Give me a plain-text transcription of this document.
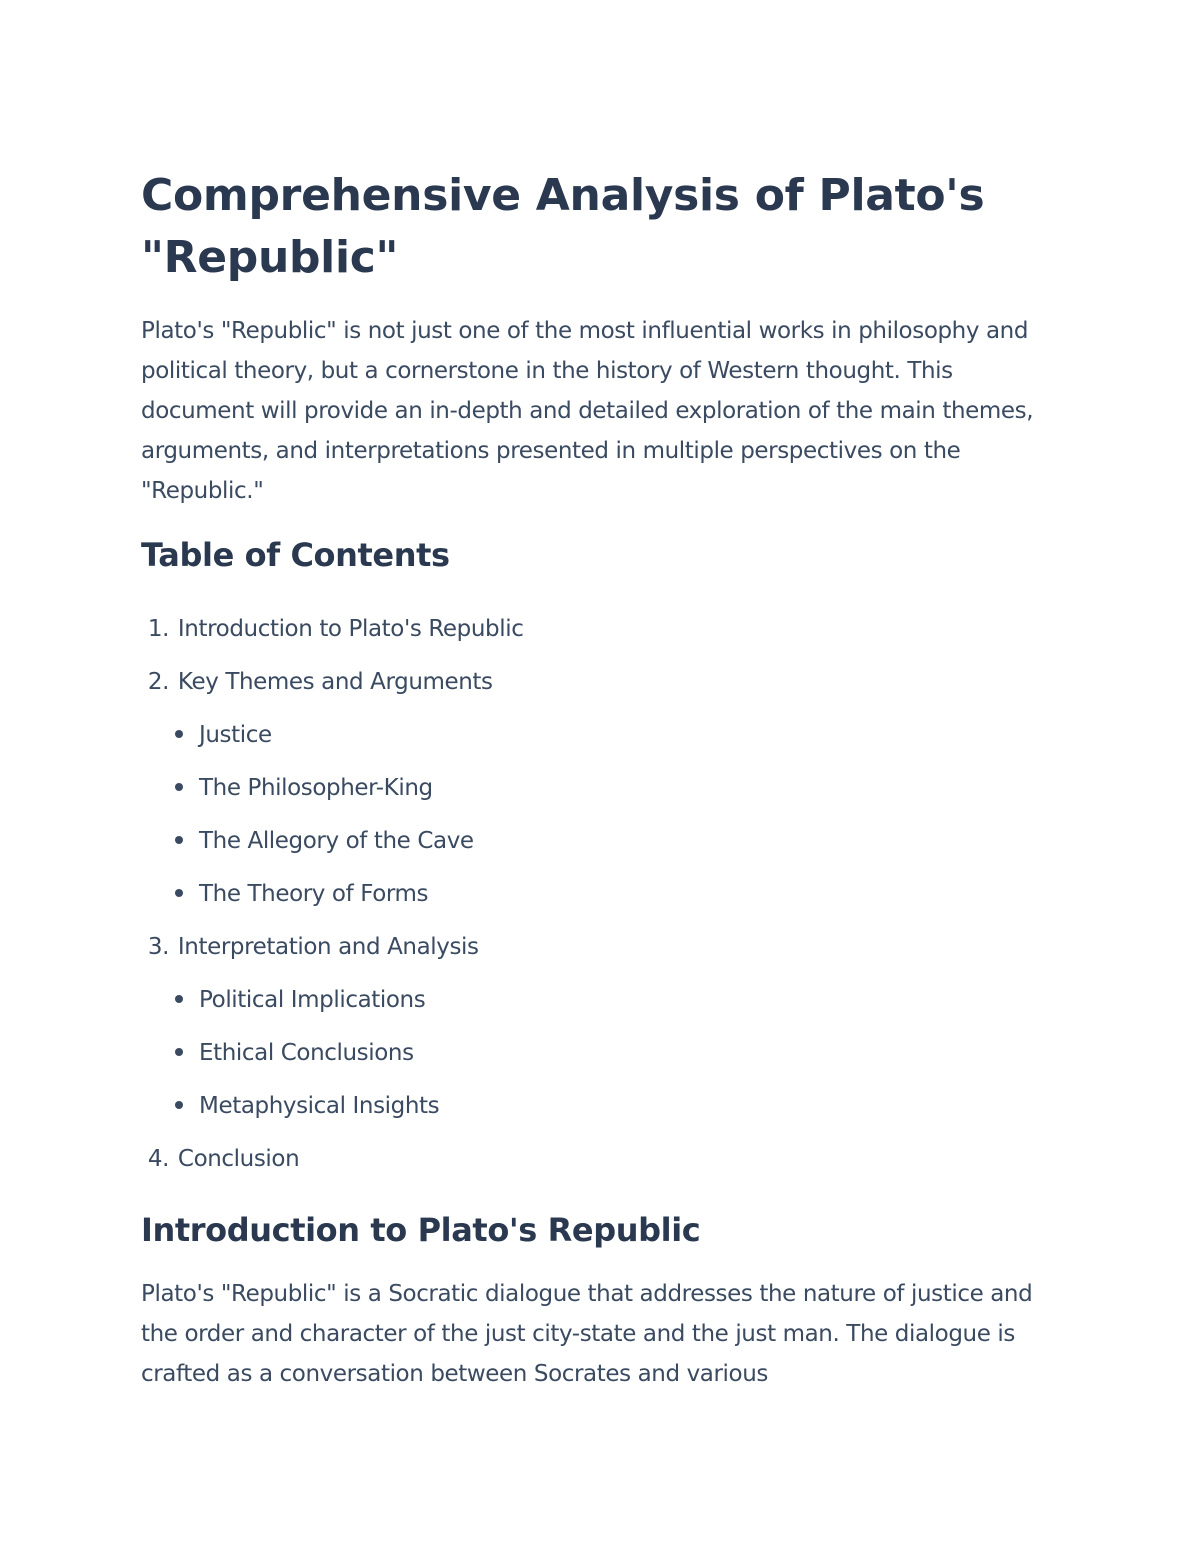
Comprehensive Analysis of Plato's "Republic"

Plato's "Republic" is not just one of the most influential works in philosophy and political theory, but a cornerstone in the history of Western thought. This document will provide an in-depth and detailed exploration of the main themes, arguments, and interpretations presented in multiple perspectives on the "Republic."

Table of Contents
1. Introduction to Plato's Republic
2. Key Themes and Arguments
Justice
The Philosopher-King
The Allegory of the Cave
The Theory of Forms
3. Interpretation and Analysis
Political Implications
Ethical Conclusions
Metaphysical Insights
4. Conclusion
Introduction to Plato's Republic

Plato's "Republic" is a Socratic dialogue that addresses the nature of justice and the order and character of the just city-state and the just man. The dialogue is crafted as a conversation between Socrates and various
